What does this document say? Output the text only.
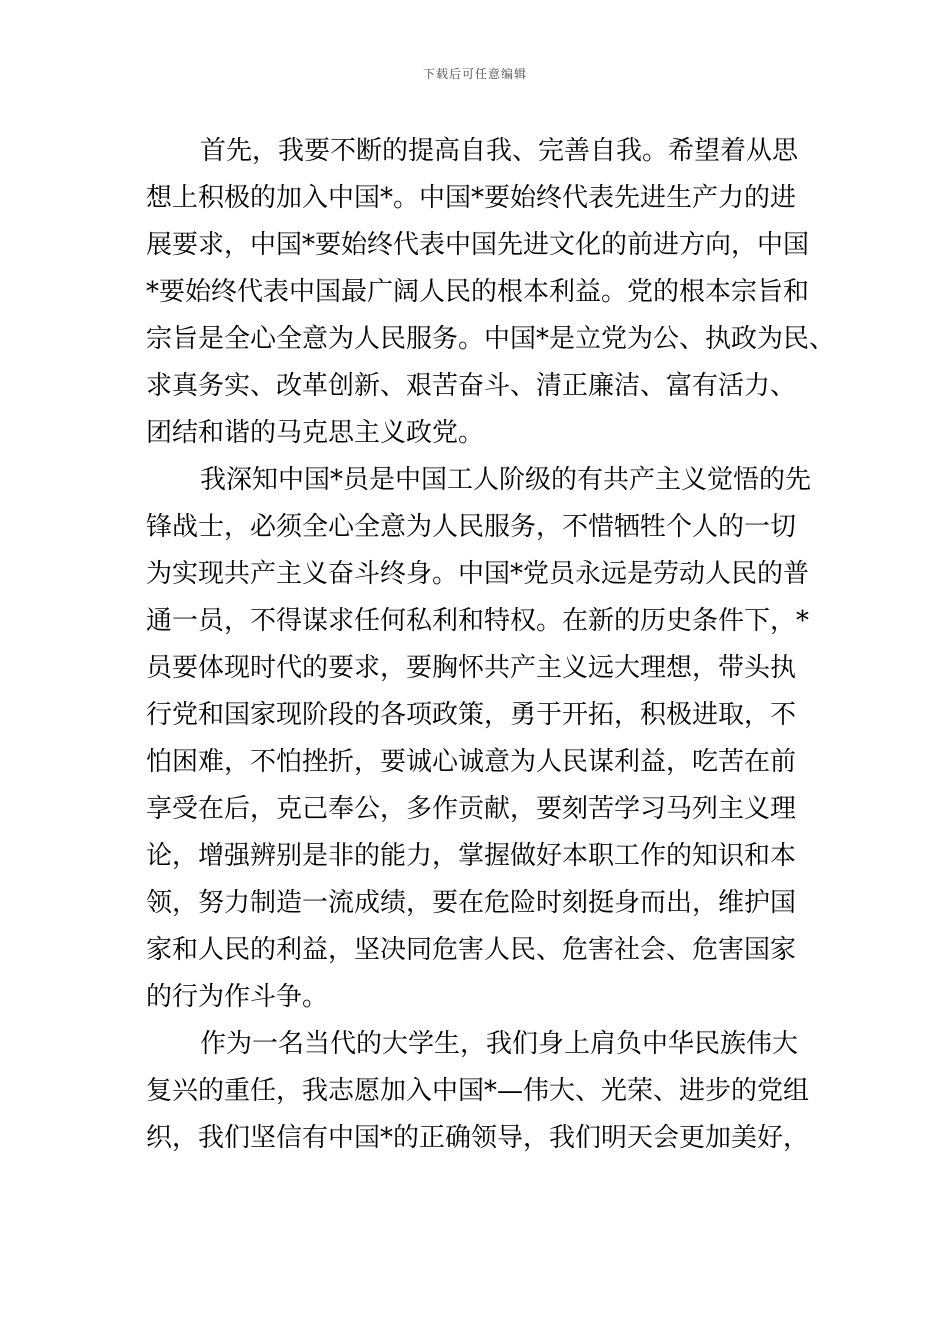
下载后可任意编辑
首先，我要不断的提高自我、完善自我。希望着从思
想上积极的加入中国*。中国*要始终代表先进生产力的进
展要求，中国*要始终代表中国先进文化的前进方向，中国
*要始终代表中国最广阔人民的根本利益。党的根本宗旨和
宗旨是全心全意为人民服务。中国*是立党为公、执政为民、
求真务实、改革创新、艰苦奋斗、清正廉洁、富有活力、
团结和谐的马克思主义政党。
我深知中国*员是中国工人阶级的有共产主义觉悟的先
锋战士，必须全心全意为人民服务，不惜牺牲个人的一切
为实现共产主义奋斗终身。中国*党员永远是劳动人民的普
通一员，不得谋求任何私利和特权。在新的历史条件下，*
员要体现时代的要求，要胸怀共产主义远大理想，带头执
行党和国家现阶段的各项政策，勇于开拓，积极进取，不
怕困难，不怕挫折，要诚心诚意为人民谋利益，吃苦在前
享受在后，克己奉公，多作贡献，要刻苦学习马列主义理
论，增强辨别是非的能力，掌握做好本职工作的知识和本
领，努力制造一流成绩，要在危险时刻挺身而出，维护国
家和人民的利益，坚决同危害人民、危害社会、危害国家
的行为作斗争。
作为一名当代的大学生，我们身上肩负中华民族伟大
复兴的重任，我志愿加入中国*—伟大、光荣、进步的党组
织，我们坚信有中国*的正确领导，我们明天会更加美好，
